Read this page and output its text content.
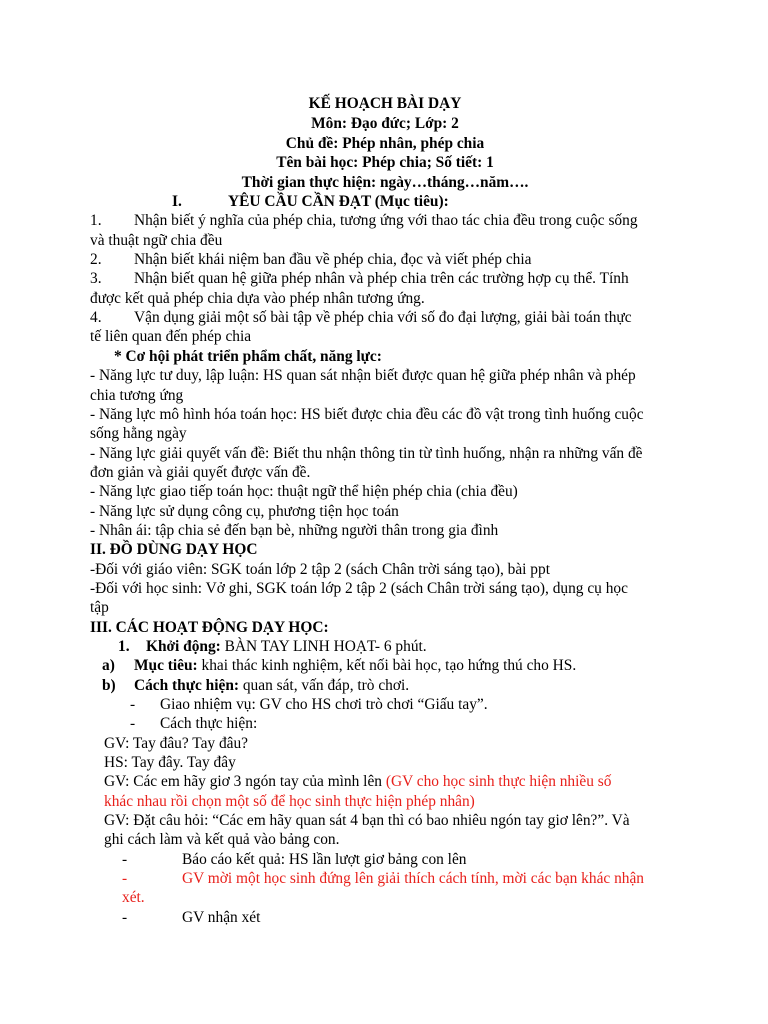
KẾ HOẠCH BÀI DẠY
Môn: Đạo đức; Lớp: 2
Chủ đề: Phép nhân, phép chia
Tên bài học: Phép chia; Số tiết: 1
Thời gian thực hiện: ngày…tháng…năm….
I.	YÊU CẦU CẦN ĐẠT (Mục tiêu):
1. Nhận biết ý nghĩa của phép chia, tương ứng với thao tác chia đều trong cuộc sống
và thuật ngữ chia đều
2. Nhận biết khái niệm ban đầu về phép chia, đọc và viết phép chia
3. Nhận biết quan hệ giữa phép nhân và phép chia trên các trường hợp cụ thể. Tính
được kết quả phép chia dựa vào phép nhân tương ứng.
4. Vận dụng giải một số bài tập về phép chia với số đo đại lượng, giải bài toán thực
tế liên quan đến phép chia
* Cơ hội phát triển phẩm chất, năng lực:
- Năng lực tư duy, lập luận: HS quan sát nhận biết được quan hệ giữa phép nhân và phép
chia tương ứng
- Năng lực mô hình hóa toán học: HS biết được chia đều các đồ vật trong tình huống cuộc
sống hằng ngày
- Năng lực giải quyết vấn đề: Biết thu nhận thông tin từ tình huống, nhận ra những vấn đề
đơn giản và giải quyết được vấn đề.
- Năng lực giao tiếp toán học: thuật ngữ thể hiện phép chia (chia đều)
- Năng lực sử dụng công cụ, phương tiện học toán
- Nhân ái: tập chia sẻ đến bạn bè, những người thân trong gia đình
II. ĐỒ DÙNG DẠY HỌC
-Đối với giáo viên: SGK toán lớp 2 tập 2 (sách Chân trời sáng tạo), bài ppt
-Đối với học sinh: Vở ghi, SGK toán lớp 2 tập 2 (sách Chân trời sáng tạo), dụng cụ học
tập
III. CÁC HOẠT ĐỘNG DẠY HỌC:
1. Khởi động: BÀN TAY LINH HOẠT- 6 phút.
a) Mục tiêu: khai thác kinh nghiệm, kết nối bài học, tạo hứng thú cho HS.
b) Cách thực hiện: quan sát, vấn đáp, trò chơi.
- Giao nhiệm vụ: GV cho HS chơi trò chơi “Giấu tay”.
- Cách thực hiện:
GV: Tay đâu? Tay đâu?
HS: Tay đây. Tay đây
GV: Các em hãy giơ 3 ngón tay của mình lên (GV cho học sinh thực hiện nhiều số
khác nhau rồi chọn một số để học sinh thực hiện phép nhân)
GV: Đặt câu hỏi: “Các em hãy quan sát 4 bạn thì có bao nhiêu ngón tay giơ lên?”. Và
ghi cách làm và kết quả vào bảng con.
-	Báo cáo kết quả: HS lần lượt giơ bảng con lên
-	GV mời một học sinh đứng lên giải thích cách tính, mời các bạn khác nhận
xét.
-	GV nhận xét
